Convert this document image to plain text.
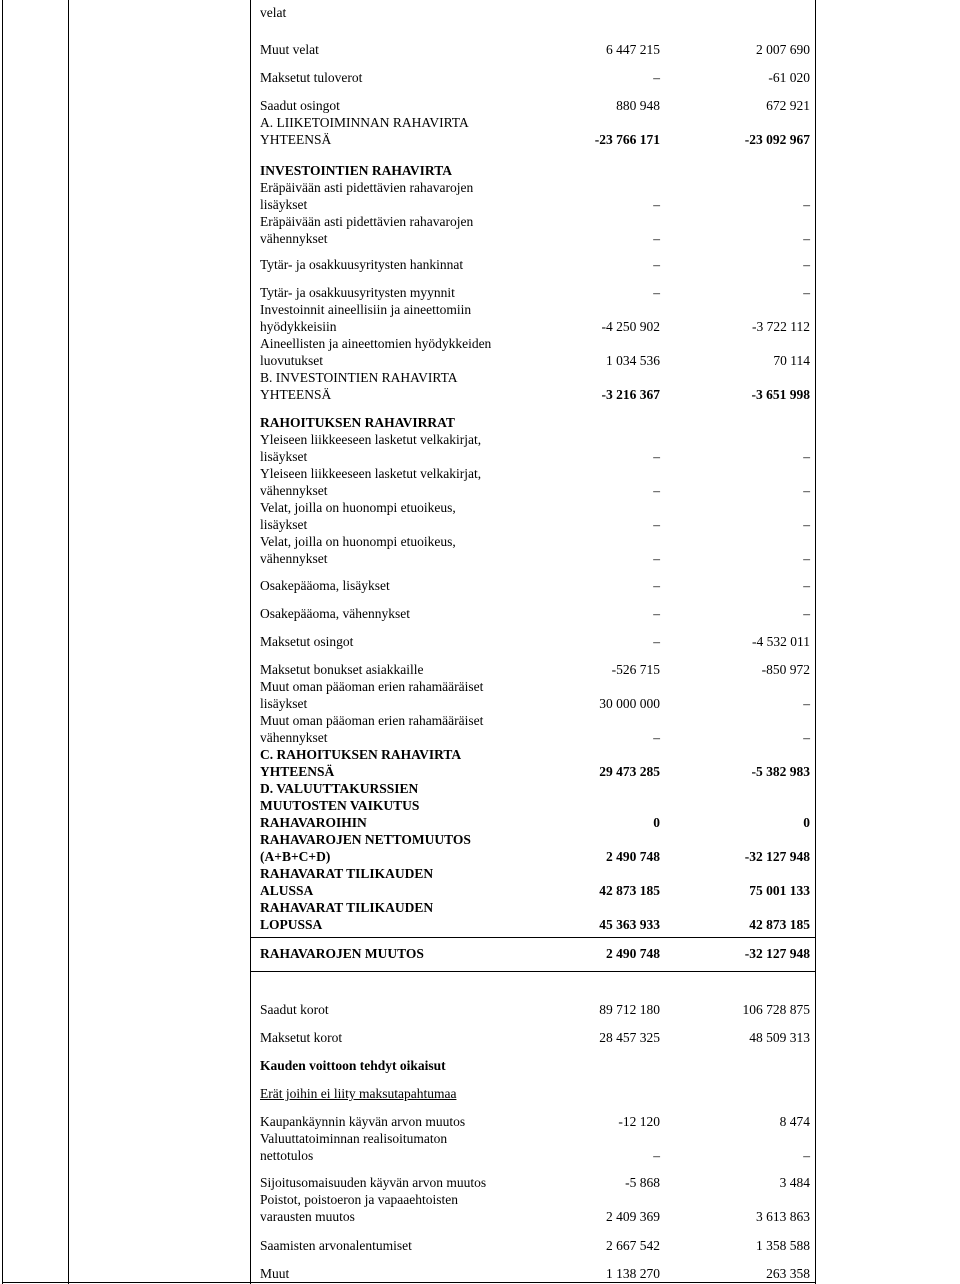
velat
Muut velat	6 447 215	2 007 690
Maksetut tuloverot	–	-61 020
Saadut osingot	880 948	672 921
A. LIIKETOIMINNAN RAHAVIRTA
YHTEENSÄ	-23 766 171	-23 092 967
INVESTOINTIEN RAHAVIRTA
Eräpäivään asti pidettävien rahavarojen
lisäykset	–	–
Eräpäivään asti pidettävien rahavarojen
vähennykset	–	–
Tytär- ja osakkuusyritysten hankinnat	–	–
Tytär- ja osakkuusyritysten myynnit	–	–
Investoinnit aineellisiin ja aineettomiin
hyödykkeisiin	-4 250 902	-3 722 112
Aineellisten ja aineettomien hyödykkeiden
luovutukset	1 034 536	70 114
B. INVESTOINTIEN RAHAVIRTA
YHTEENSÄ	-3 216 367	-3 651 998
RAHOITUKSEN RAHAVIRRAT
Yleiseen liikkeeseen lasketut velkakirjat,
lisäykset	–	–
Yleiseen liikkeeseen lasketut velkakirjat,
vähennykset	–	–
Velat, joilla on huonompi etuoikeus,
lisäykset	–	–
Velat, joilla on huonompi etuoikeus,
vähennykset	–	–
Osakepääoma, lisäykset	–	–
Osakepääoma, vähennykset	–	–
Maksetut osingot	–	-4 532 011
Maksetut bonukset asiakkaille	-526 715	-850 972
Muut oman pääoman erien rahamääräiset
lisäykset	30 000 000	–
Muut oman pääoman erien rahamääräiset
vähennykset	–	–
C. RAHOITUKSEN RAHAVIRTA
YHTEENSÄ	29 473 285	-5 382 983
D. VALUUTTAKURSSIEN
MUUTOSTEN VAIKUTUS
RAHAVAROIHIN	0	0
RAHAVAROJEN NETTOMUUTOS
(A+B+C+D)	2 490 748	-32 127 948
RAHAVARAT TILIKAUDEN
ALUSSA	42 873 185	75 001 133
RAHAVARAT TILIKAUDEN
LOPUSSA	45 363 933	42 873 185
RAHAVAROJEN MUUTOS	2 490 748	-32 127 948
Saadut korot	89 712 180	106 728 875
Maksetut korot	28 457 325	48 509 313
Kauden voittoon tehdyt oikaisut
Erät joihin ei liity maksutapahtumaa
Kaupankäynnin käyvän arvon muutos	-12 120	8 474
Valuuttatoiminnan realisoitumaton
nettotulos	–	–
Sijoitusomaisuuden käyvän arvon muutos	-5 868	3 484
Poistot, poistoeron ja vapaaehtoisten
varausten muutos	2 409 369	3 613 863
Saamisten arvonalentumiset	2 667 542	1 358 588
Muut	1 138 270	263 358
